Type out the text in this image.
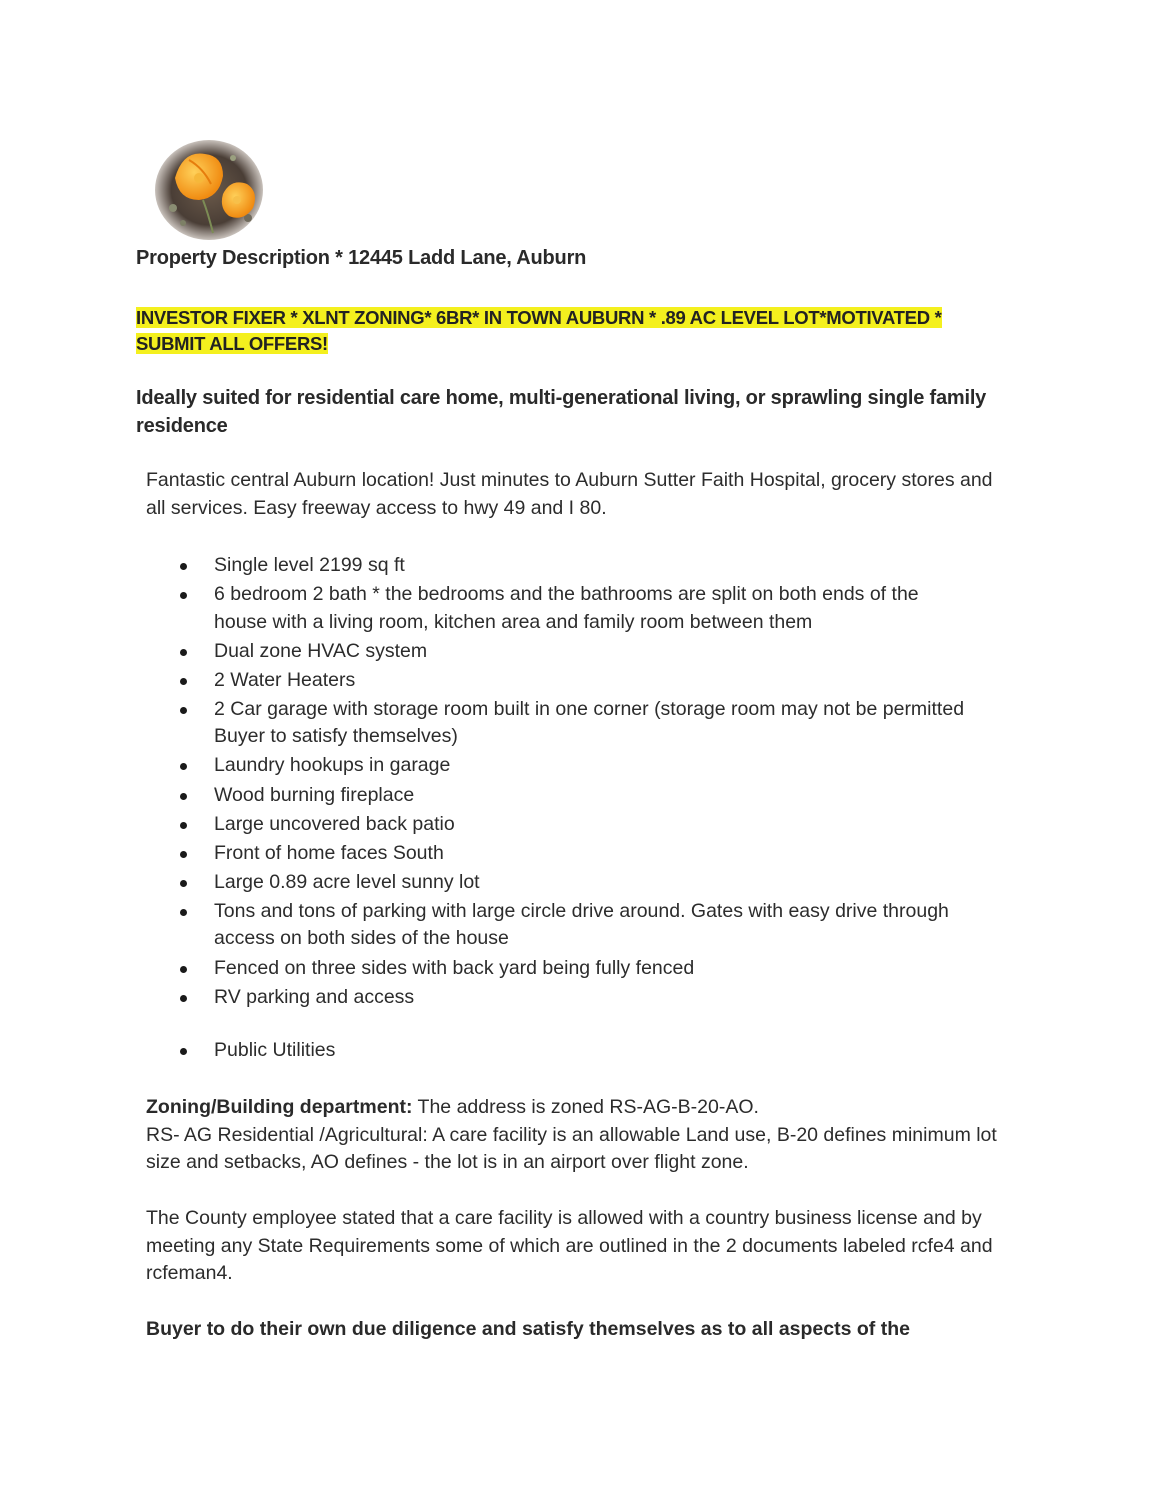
Property Description * 12445 Ladd Lane, Auburn
INVESTOR FIXER * XLNT ZONING* 6BR* IN TOWN AUBURN * .89 AC LEVEL LOT*MOTIVATED * SUBMIT ALL OFFERS!
Ideally suited for residential care home, multi-generational living, or sprawling single family residence
Fantastic central Auburn location! Just minutes to Auburn Sutter Faith Hospital, grocery stores and all services. Easy freeway access to hwy 49 and I 80.
Single level 2199 sq ft
6 bedroom 2 bath * the bedrooms and the bathrooms are split on both ends of the house with a living room, kitchen area and family room between them
Dual zone HVAC system
2 Water Heaters
2 Car garage with storage room built in one corner (storage room may not be permitted Buyer to satisfy themselves)
Laundry hookups in garage
Wood burning fireplace
Large uncovered back patio
Front of home faces South
Large 0.89 acre level sunny lot
Tons and tons of parking with large circle drive around. Gates with easy drive through access on both sides of the house
Fenced on three sides with back yard being fully fenced
RV parking and access
Public Utilities
Zoning/Building department: The address is zoned RS-AG-B-20-AO.
RS- AG Residential /Agricultural: A care facility is an allowable Land use, B-20 defines minimum lot size and setbacks, AO defines - the lot is in an airport over flight zone.
The County employee stated that a care facility is allowed with a country business license and by meeting any State Requirements some of which are outlined in the 2 documents labeled rcfe4 and rcfeman4.
Buyer to do their own due diligence and satisfy themselves as to all aspects of the
